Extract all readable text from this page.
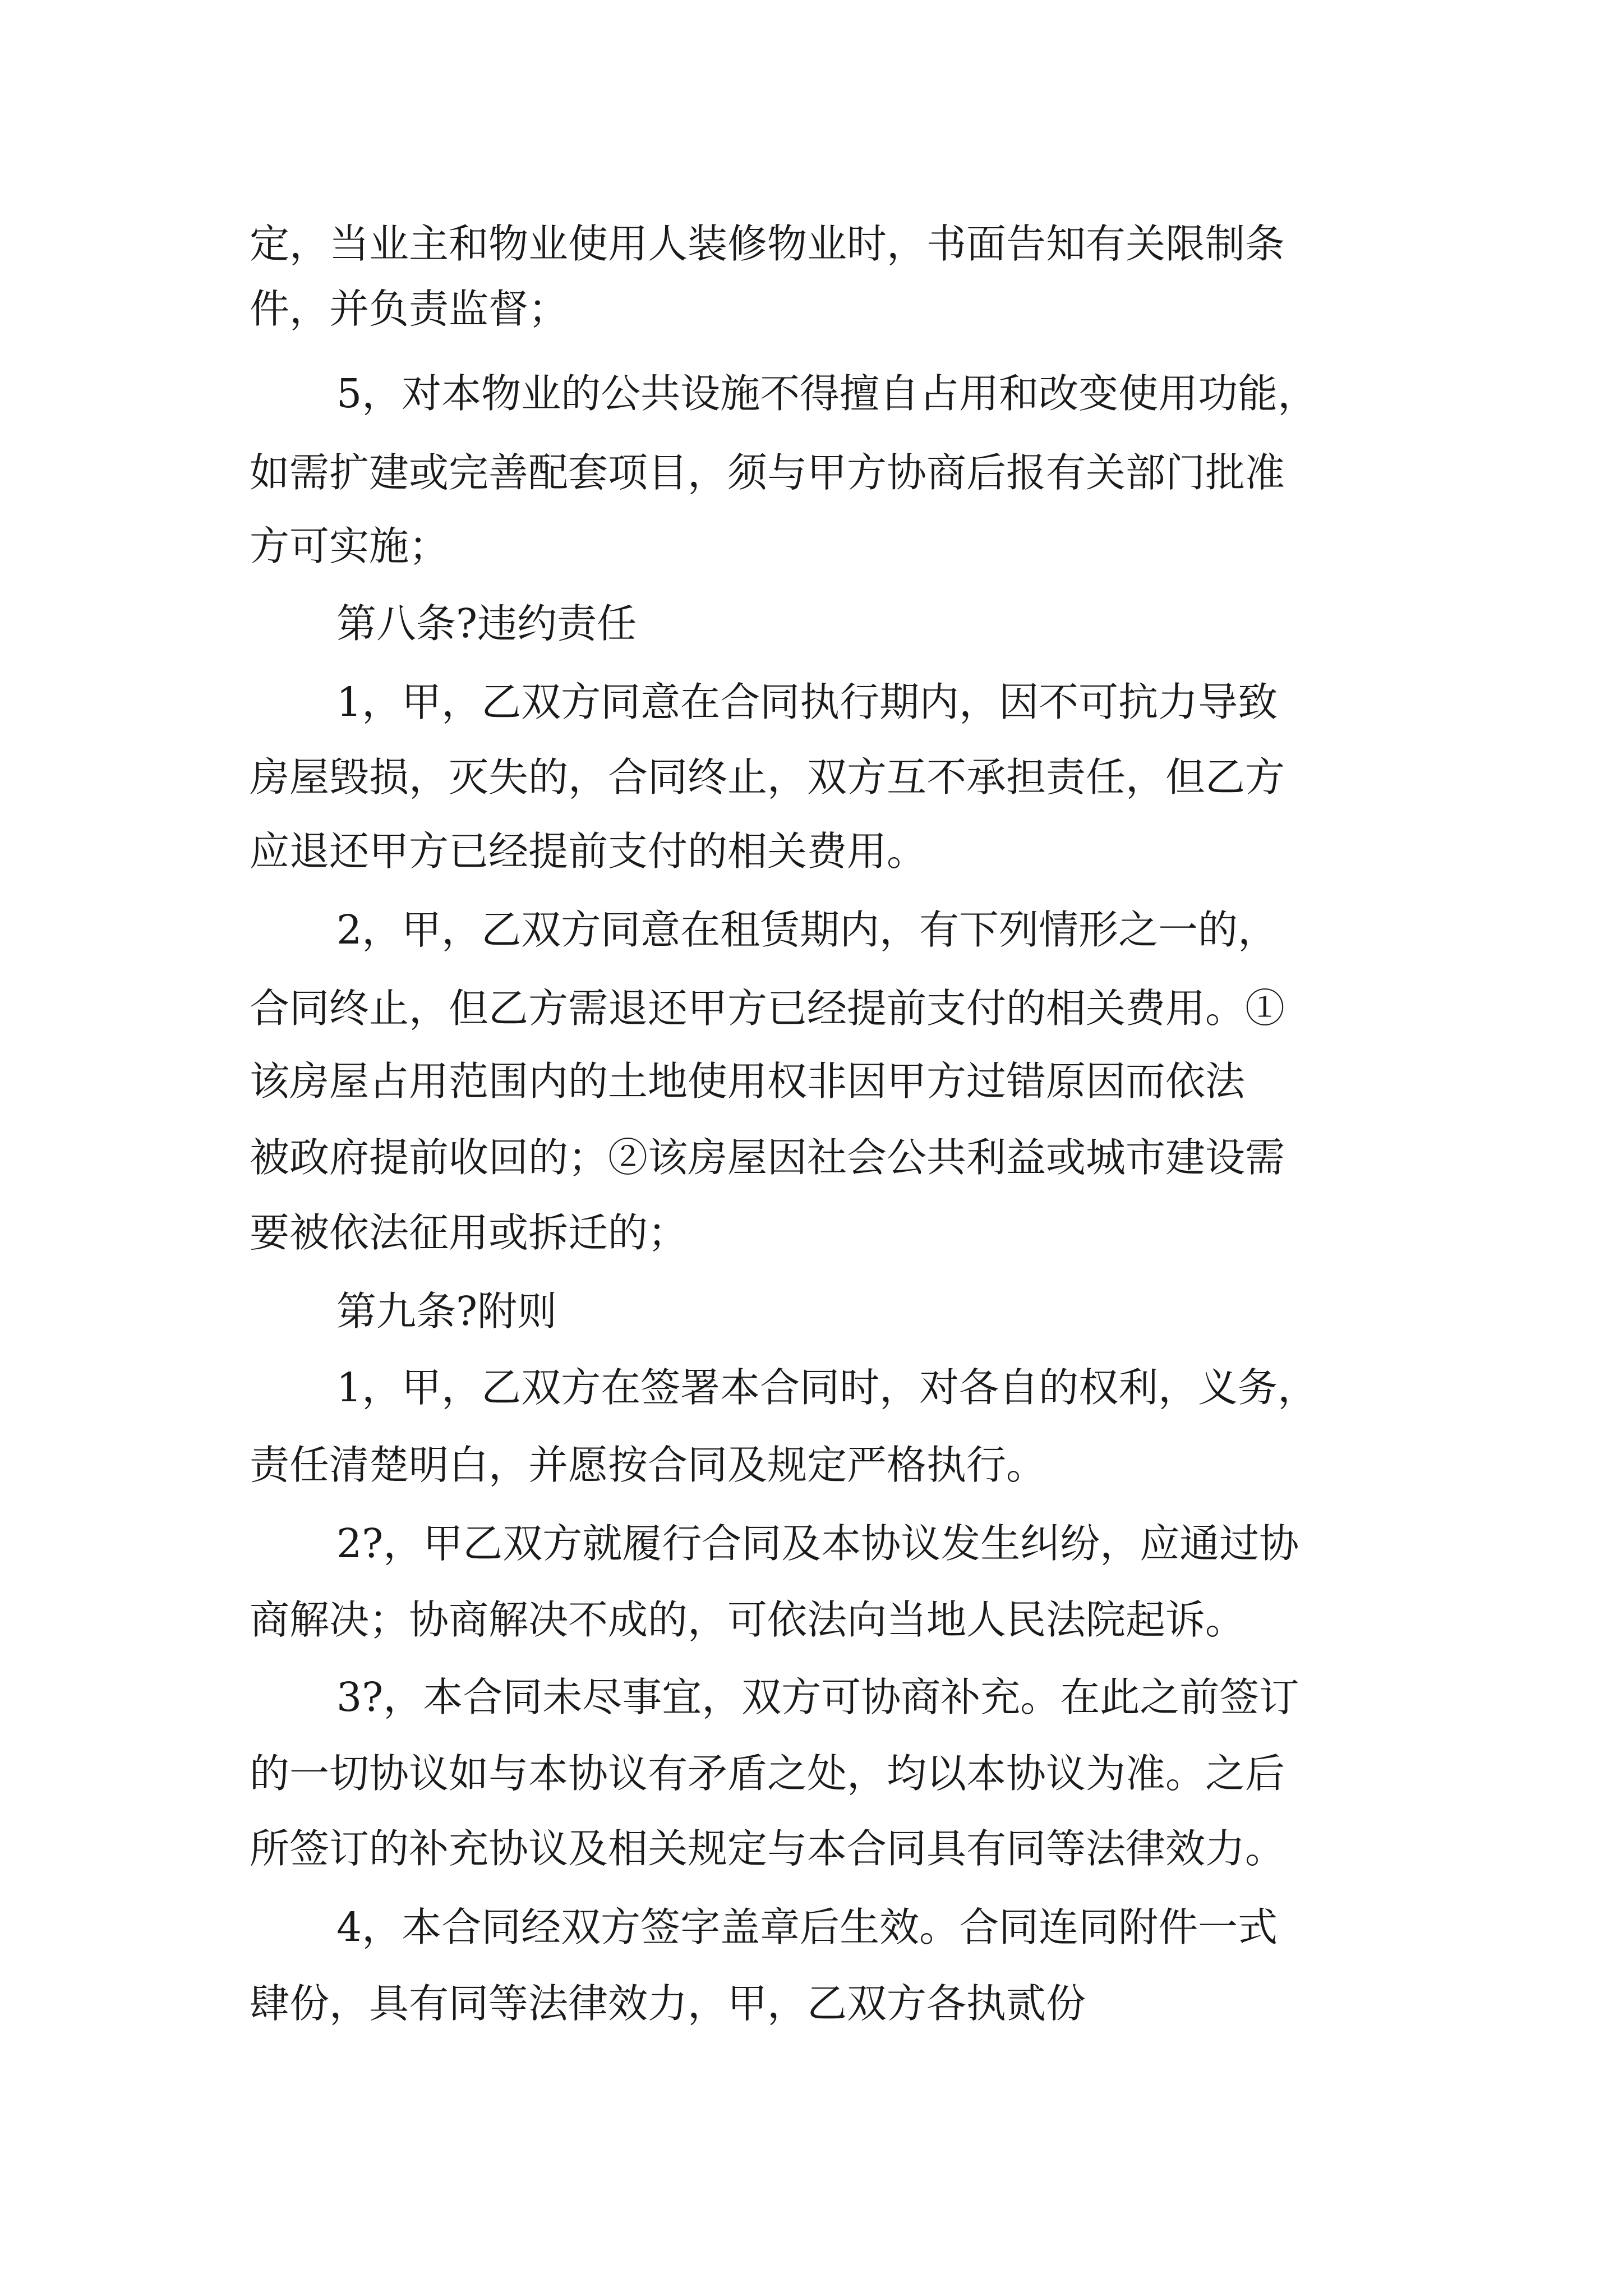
定，当业主和物业使用人装修物业时，书面告知有关限制条
件，并负责监督；
5，对本物业的公共设施不得擅自占用和改变使用功能，
如需扩建或完善配套项目，须与甲方协商后报有关部门批准
方可实施；
第八条?违约责任
1，甲，乙双方同意在合同执行期内，因不可抗力导致
房屋毁损，灭失的，合同终止，双方互不承担责任，但乙方
应退还甲方已经提前支付的相关费用。
2，甲，乙双方同意在租赁期内，有下列情形之一的，
合同终止，但乙方需退还甲方已经提前支付的相关费用。①
该房屋占用范围内的土地使用权非因甲方过错原因而依法
被政府提前收回的；②该房屋因社会公共利益或城市建设需
要被依法征用或拆迁的；
第九条?附则
1，甲，乙双方在签署本合同时，对各自的权利，义务，
责任清楚明白，并愿按合同及规定严格执行。
2?，甲乙双方就履行合同及本协议发生纠纷，应通过协
商解决；协商解决不成的，可依法向当地人民法院起诉。
3?，本合同未尽事宜，双方可协商补充。在此之前签订
的一切协议如与本协议有矛盾之处，均以本协议为准。之后
所签订的补充协议及相关规定与本合同具有同等法律效力。
4，本合同经双方签字盖章后生效。合同连同附件一式
肆份，具有同等法律效力，甲，乙双方各执贰份
